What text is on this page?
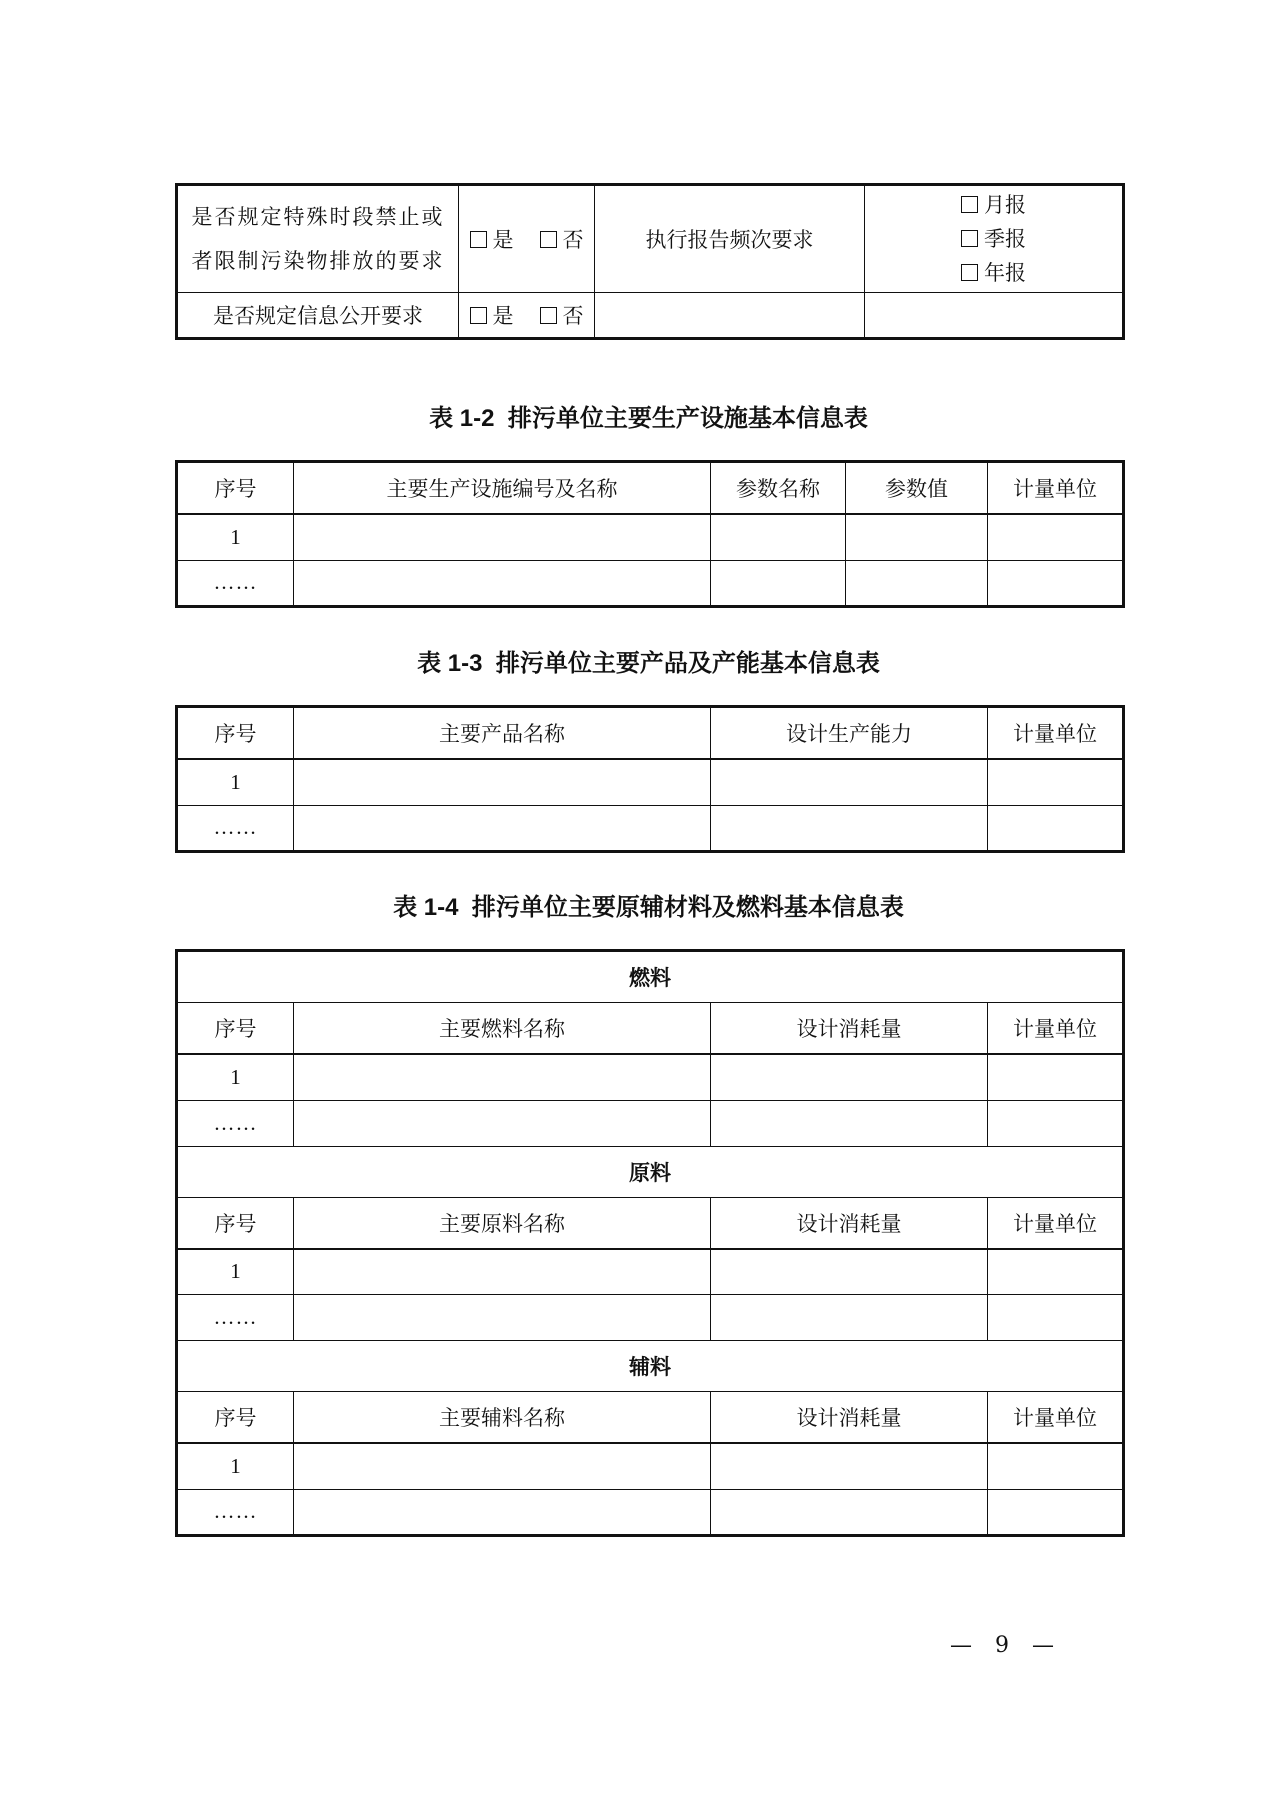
是否规定特殊时段禁止或者限制污染物排放的要求	是 否	执行报告频次要求	月报
季报
年报

是否规定信息公开要求	是 否		
表 1-2  排污单位主要生产设施基本信息表
序号	主要生产设施编号及名称	参数名称	参数值	计量单位
1				
……				
表 1-3  排污单位主要产品及产能基本信息表
序号	主要产品名称	设计生产能力	计量单位
1			
……			
表 1-4  排污单位主要原辅材料及燃料基本信息表
燃料			
序号	主要燃料名称	设计消耗量	计量单位
1			
……			
原料			
序号	主要原料名称	设计消耗量	计量单位
1			
……			
辅料			
序号	主要辅料名称	设计消耗量	计量单位
1			
……			
— 9 —
